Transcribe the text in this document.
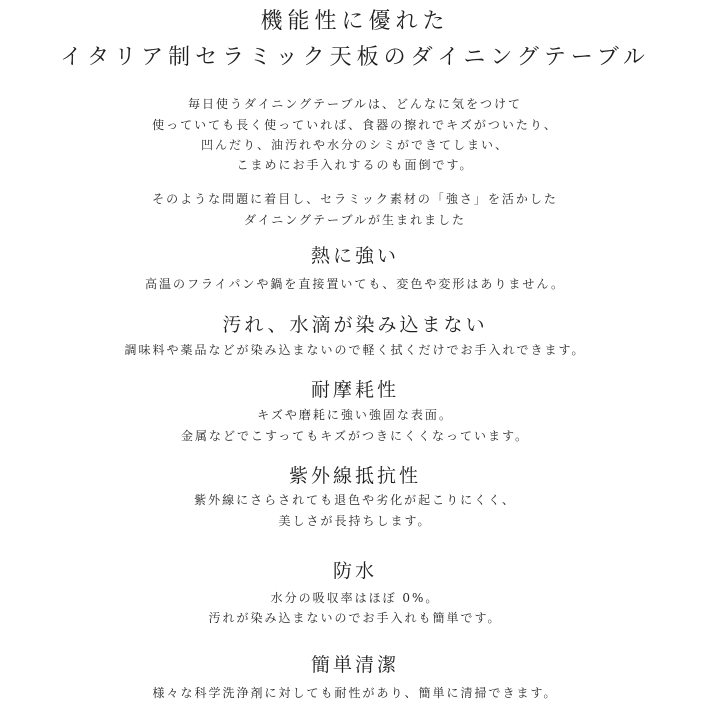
機能性に優れた
イタリア制セラミック天板のダイニングテーブル
毎日使うダイニングテーブルは、どんなに気をつけて
使っていても長く使っていれば、食器の擦れでキズがついたり、
凹んだり、油汚れや水分のシミができてしまい、
こまめにお手入れするのも面倒です。
そのような問題に着目し、セラミック素材の「強さ」を活かした
ダイニングテーブルが生まれました
熱に強い
高温のフライパンや鍋を直接置いても、変色や変形はありません。
汚れ、水滴が染み込まない
調味料や薬品などが染み込まないので軽く拭くだけでお手入れできます。
耐摩耗性
キズや磨耗に強い強固な表面。
金属などでこすってもキズがつきにくくなっています。
紫外線抵抗性
紫外線にさらされても退色や劣化が起こりにくく、
美しさが長持ちします。
防水
水分の吸収率はほぼ 0%。
汚れが染み込まないのでお手入れも簡単です。
簡単清潔
様々な科学洗浄剤に対しても耐性があり、簡単に清掃できます。
